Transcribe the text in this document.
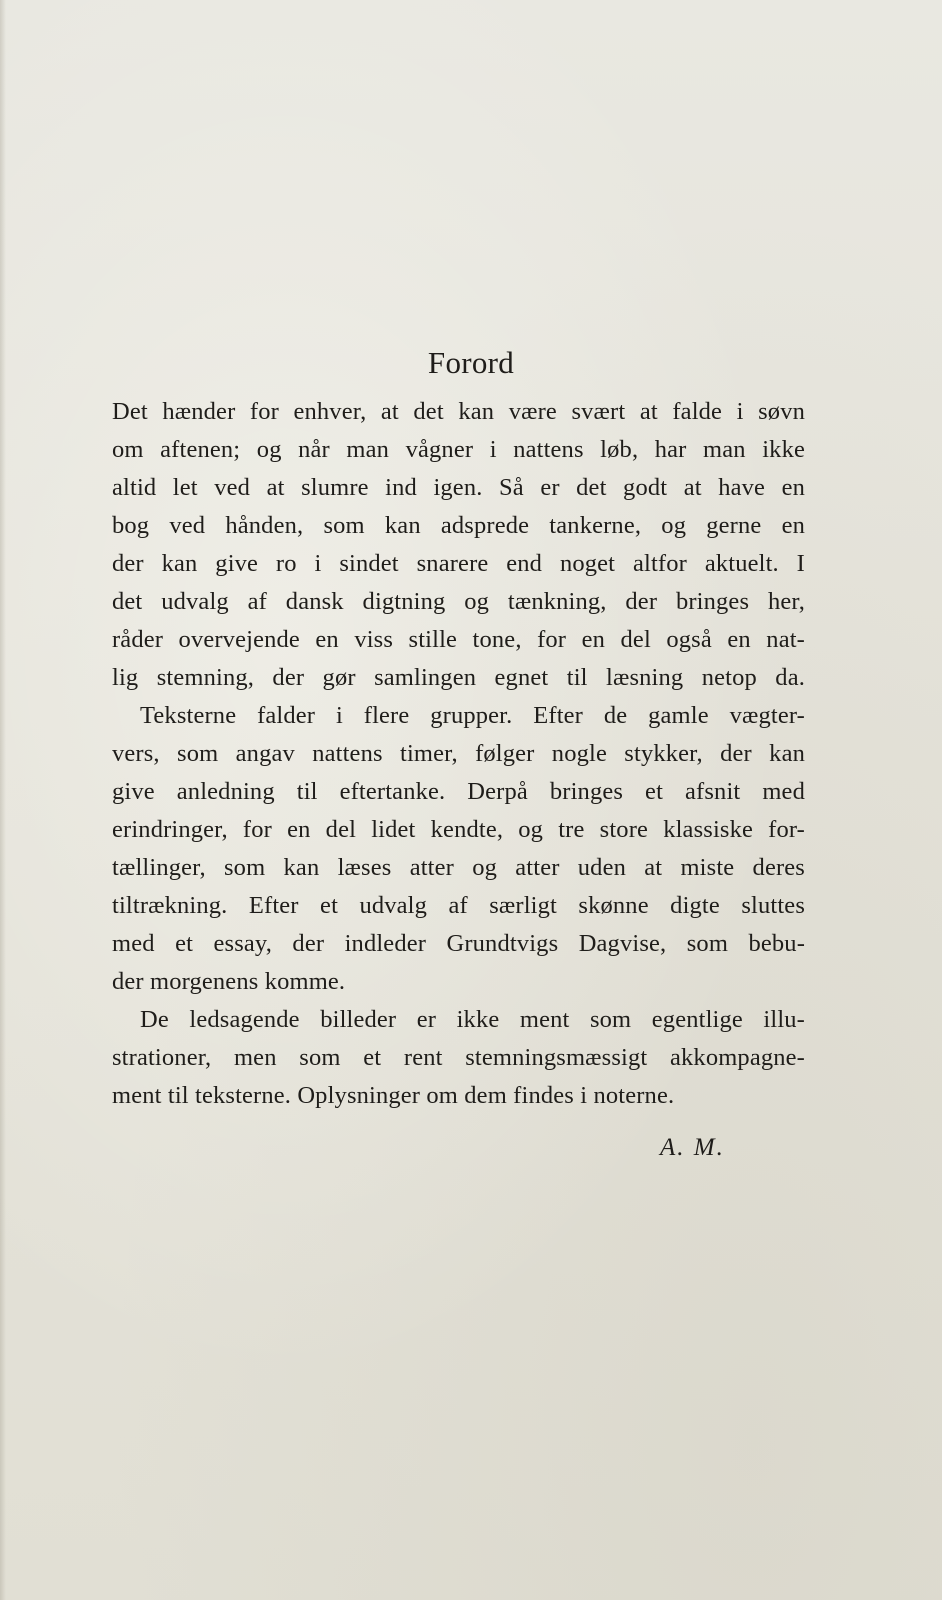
Forord
Det hænder for enhver, at det kan være svært at falde i søvn
om aftenen; og når man vågner i nattens løb, har man ikke
altid let ved at slumre ind igen. Så er det godt at have en
bog ved hånden, som kan adsprede tankerne, og gerne en
der kan give ro i sindet snarere end noget altfor aktuelt. I
det udvalg af dansk digtning og tænkning, der bringes her,
råder overvejende en viss stille tone, for en del også en nat-
lig stemning, der gør samlingen egnet til læsning netop da.
Teksterne falder i flere grupper. Efter de gamle vægter-
vers, som angav nattens timer, følger nogle stykker, der kan
give anledning til eftertanke. Derpå bringes et afsnit med
erindringer, for en del lidet kendte, og tre store klassiske for-
tællinger, som kan læses atter og atter uden at miste deres
tiltrækning. Efter et udvalg af særligt skønne digte sluttes
med et essay, der indleder Grundtvigs Dagvise, som bebu-
der morgenens komme.
De ledsagende billeder er ikke ment som egentlige illu-
strationer, men som et rent stemningsmæssigt akkompagne-
ment til teksterne. Oplysninger om dem findes i noterne.
A. M.
